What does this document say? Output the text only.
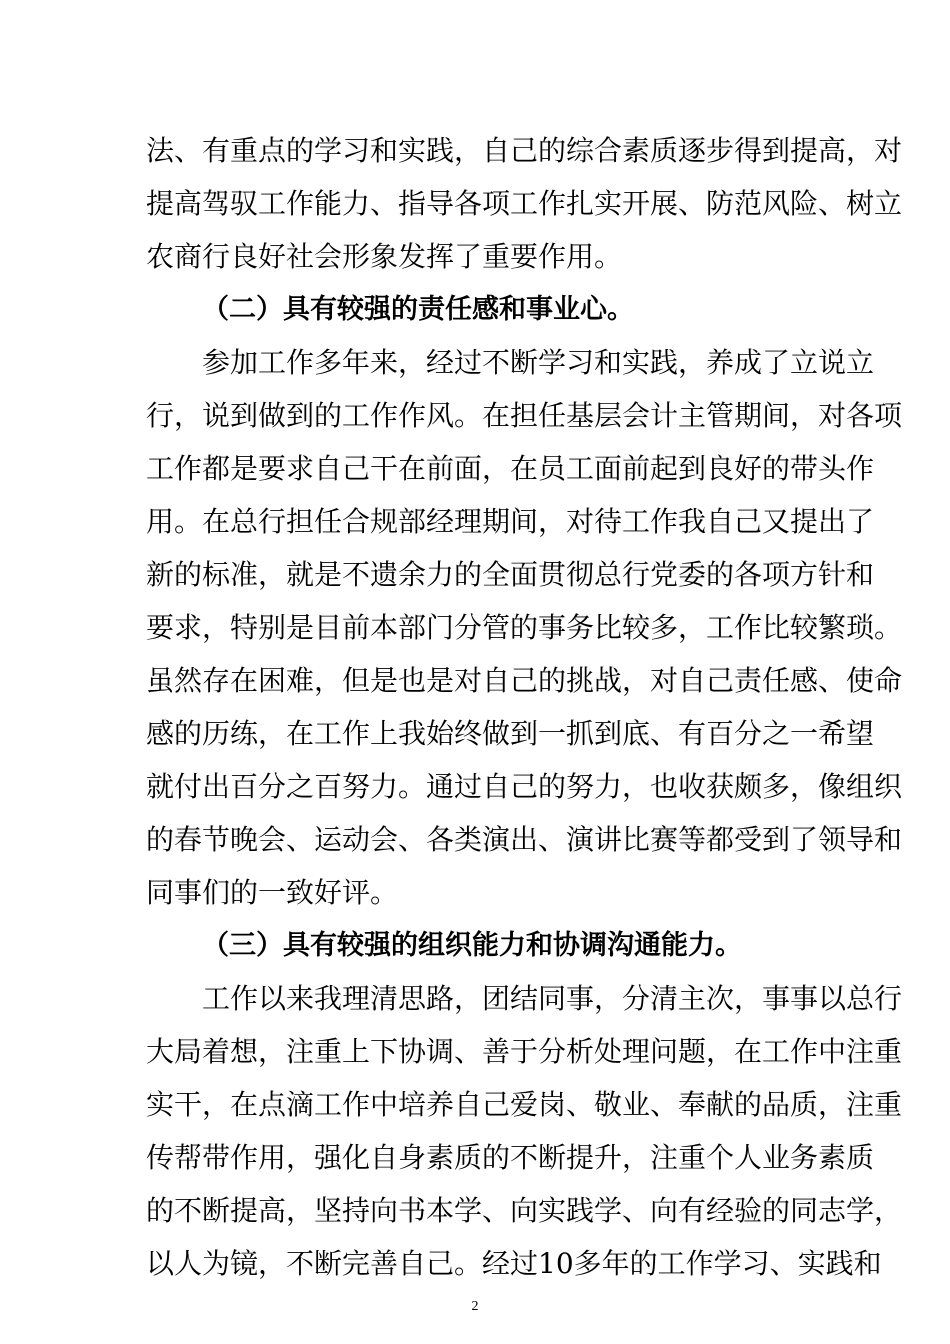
法、有重点的学习和实践，自己的综合素质逐步得到提高，对
提高驾驭工作能力、指导各项工作扎实开展、防范风险、树立
农商行良好社会形象发挥了重要作用。
（二）具有较强的责任感和事业心。
参加工作多年来，经过不断学习和实践，养成了立说立
行，说到做到的工作作风。在担任基层会计主管期间，对各项
工作都是要求自己干在前面，在员工面前起到良好的带头作
用。在总行担任合规部经理期间，对待工作我自己又提出了
新的标准，就是不遗余力的全面贯彻总行党委的各项方针和
要求，特别是目前本部门分管的事务比较多，工作比较繁琐。
虽然存在困难，但是也是对自己的挑战，对自己责任感、使命
感的历练，在工作上我始终做到一抓到底、有百分之一希望
就付出百分之百努力。通过自己的努力，也收获颇多，像组织
的春节晚会、运动会、各类演出、演讲比赛等都受到了领导和
同事们的一致好评。
（三）具有较强的组织能力和协调沟通能力。
工作以来我理清思路，团结同事，分清主次，事事以总行
大局着想，注重上下协调、善于分析处理问题，在工作中注重
实干，在点滴工作中培养自己爱岗、敬业、奉献的品质，注重
传帮带作用，强化自身素质的不断提升，注重个人业务素质
的不断提高，坚持向书本学、向实践学、向有经验的同志学，
以人为镜，不断完善自己。经过10多年的工作学习、实践和
2
